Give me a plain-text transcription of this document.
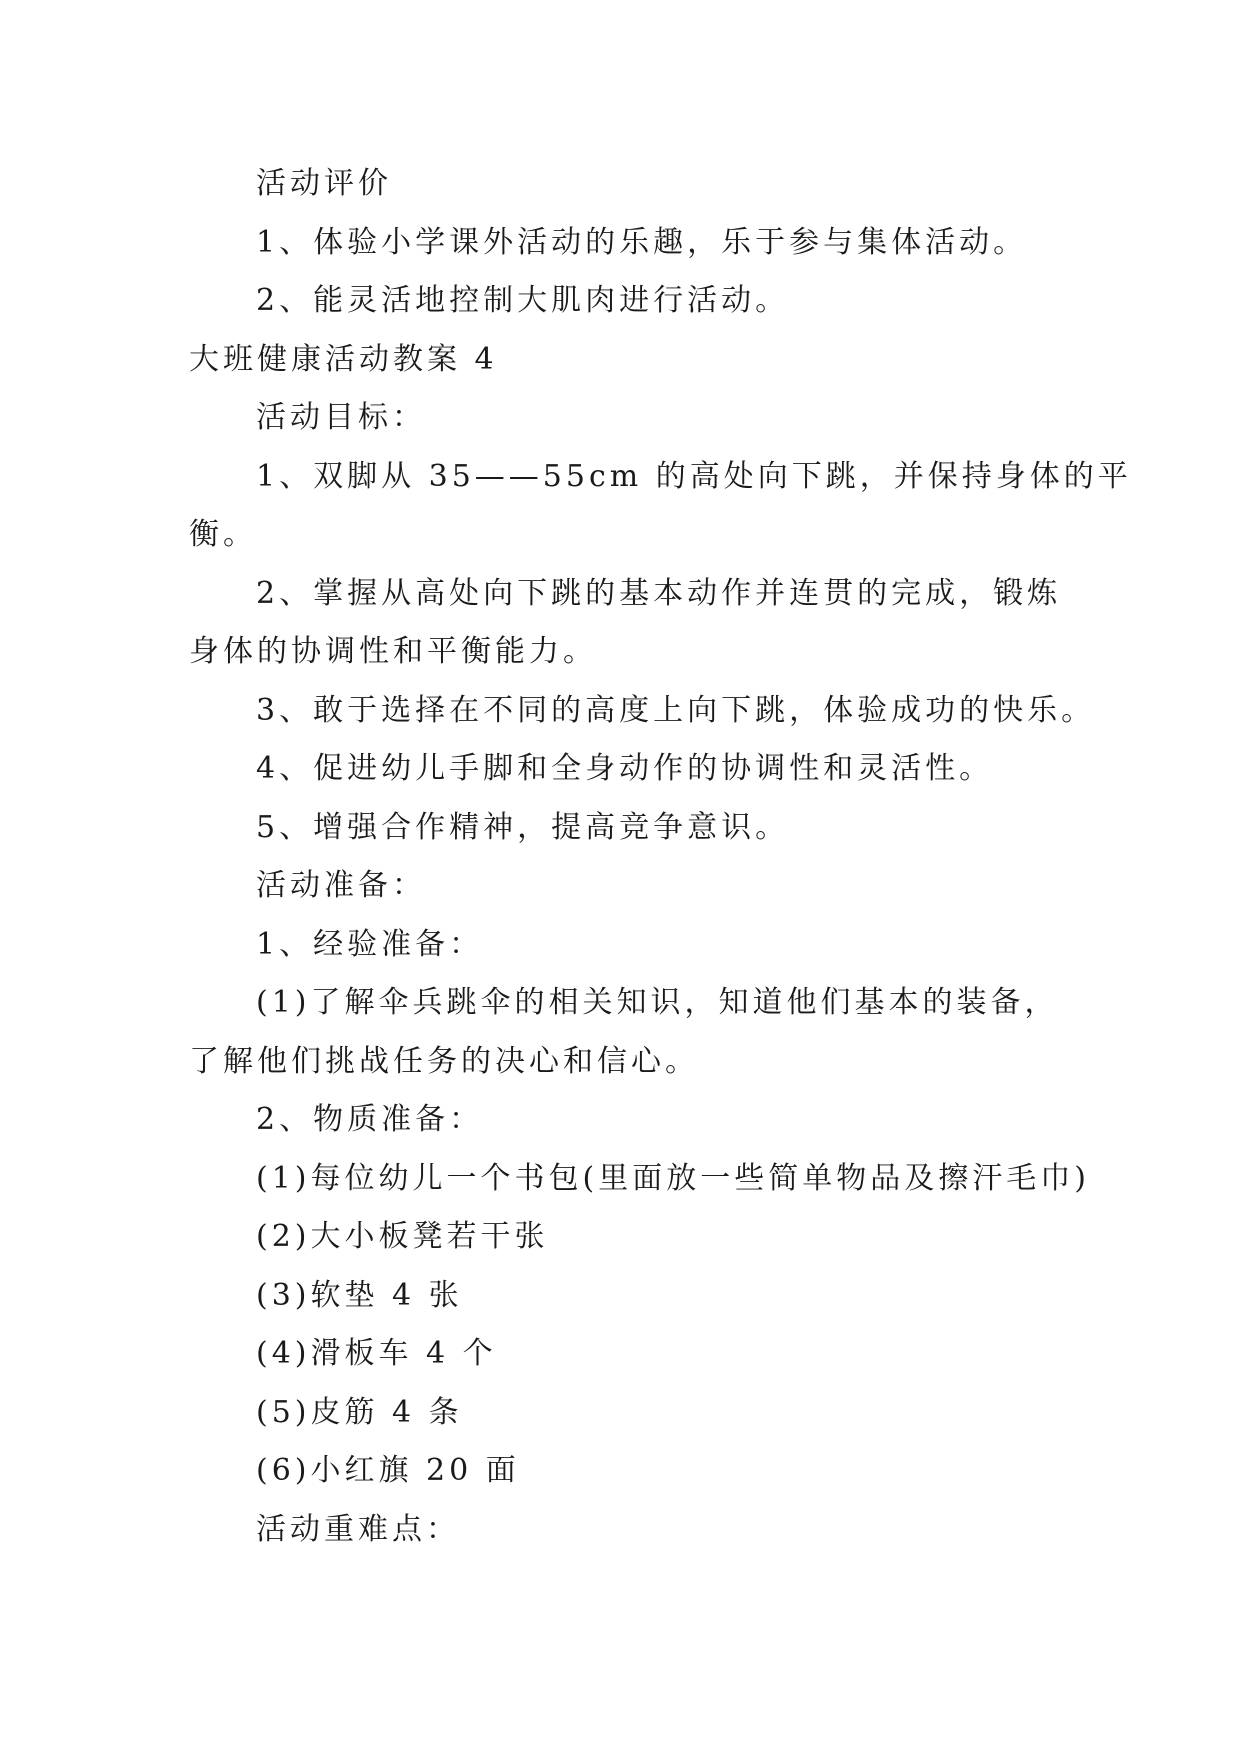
活动评价
1、体验小学课外活动的乐趣，乐于参与集体活动。
2、能灵活地控制大肌肉进行活动。
大班健康活动教案 4
活动目标：
1、双脚从 35——55cm 的高处向下跳，并保持身体的平
衡。
2、掌握从高处向下跳的基本动作并连贯的完成，锻炼
身体的协调性和平衡能力。
3、敢于选择在不同的高度上向下跳，体验成功的快乐。
4、促进幼儿手脚和全身动作的协调性和灵活性。
5、增强合作精神，提高竞争意识。
活动准备：
1、经验准备：
(1)了解伞兵跳伞的相关知识，知道他们基本的装备，
了解他们挑战任务的决心和信心。
2、物质准备：
(1)每位幼儿一个书包(里面放一些简单物品及擦汗毛巾)
(2)大小板凳若干张
(3)软垫 4 张
(4)滑板车 4 个
(5)皮筋 4 条
(6)小红旗 20 面
活动重难点：
